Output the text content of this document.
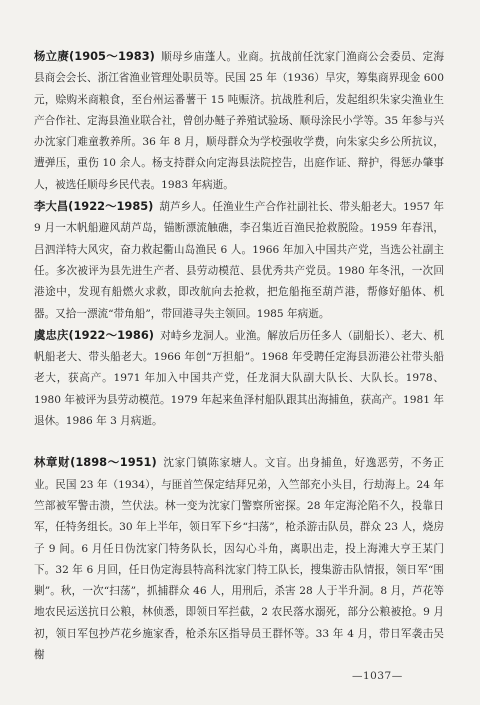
杨立赓(1905～1983) 顺母乡庙蓬人。业商。抗战前任沈家门渔商公会委员、定海县商会会长、浙江省渔业管理处职员等。民国 25 年（1936）旱灾，筹集商界现金 600 元，赊购米商粮食，至台州运番薯干 15 吨赈济。抗战胜利后，发起组织朱家尖渔业生产合作社、定海县渔业联合社，曾创办鲢子养殖试验场、顺母涂民小学等。35 年参与兴办沈家门难童教养所。36 年 8 月，顺母群众为学校强收学费，向朱家尖乡公所抗议，遭弹压，重伤 10 余人。杨支持群众向定海县法院控告，出庭作证、辩护，得惩办肇事人，被选任顺母乡民代表。1983 年病逝。

李大昌(1922～1985) 葫芦乡人。任渔业生产合作社副社长、带头船老大。1957 年 9 月一木帆船避风葫芦岛，锚断漂流触礁，李召集近百渔民抢救脱险。1959 年春汛，吕泗洋特大风灾，奋力救起衢山岛渔民 6 人。1966 年加入中国共产党，当选公社副主任。多次被评为县先进生产者、县劳动模范、县优秀共产党员。1980 年冬汛，一次回港途中，发现有船燃火求救，即改航向去抢救，把危船拖至葫芦港，帮修好船体、机器。又拾一漂流“带角船”，带回港寻失主领回。1985 年病逝。

虞忠庆(1922～1986) 对峙乡龙洞人。业渔。解放后历任多人（副船长）、老大、机帆船老大、带头船老大。1966 年创“万担船”。1968 年受聘任定海县沥港公社带头船老大，获高产。1971 年加入中国共产党，任龙洞大队副大队长、大队长。1978、1980 年被评为县劳动模范。1979 年起来鱼泽村船队跟其出海捕鱼，获高产。1981 年退休。1986 年 3 月病逝。

林章财(1898～1951) 沈家门镇陈家塘人。文盲。出身捕鱼，好逸恶劳，不务正业。民国 23 年（1934），与匪首竺保定结拜兄弟，入竺部充小头目，行劫海上。24 年竺部被军警击溃，竺伏法。林一变为沈家门警察所密探。28 年定海沦陷不久，投靠日军，任特务组长。30 年上半年，领日军下乡“扫荡”，枪杀游击队员，群众 23 人，烧房子 9 间。6 月任日伪沈家门特务队长，因勾心斗角，离职出走，投上海滩大亨王某门下。32 年 6 月回，任日伪定海县特高科沈家门特工队长，搜集游击队情报，领日军“围剿”。秋，一次“扫荡”，抓捕群众 46 人，用刑后，杀害 28 人于半升洞。8 月，芦花等地农民运送抗日公粮，林侦悉，即领日军拦截，2 农民落水溺死，部分公粮被抢。9 月初，领日军包抄芦花乡施家香，枪杀东区指导员王群怀等。33 年 4 月，带日军袭击吴榭

—1037—
